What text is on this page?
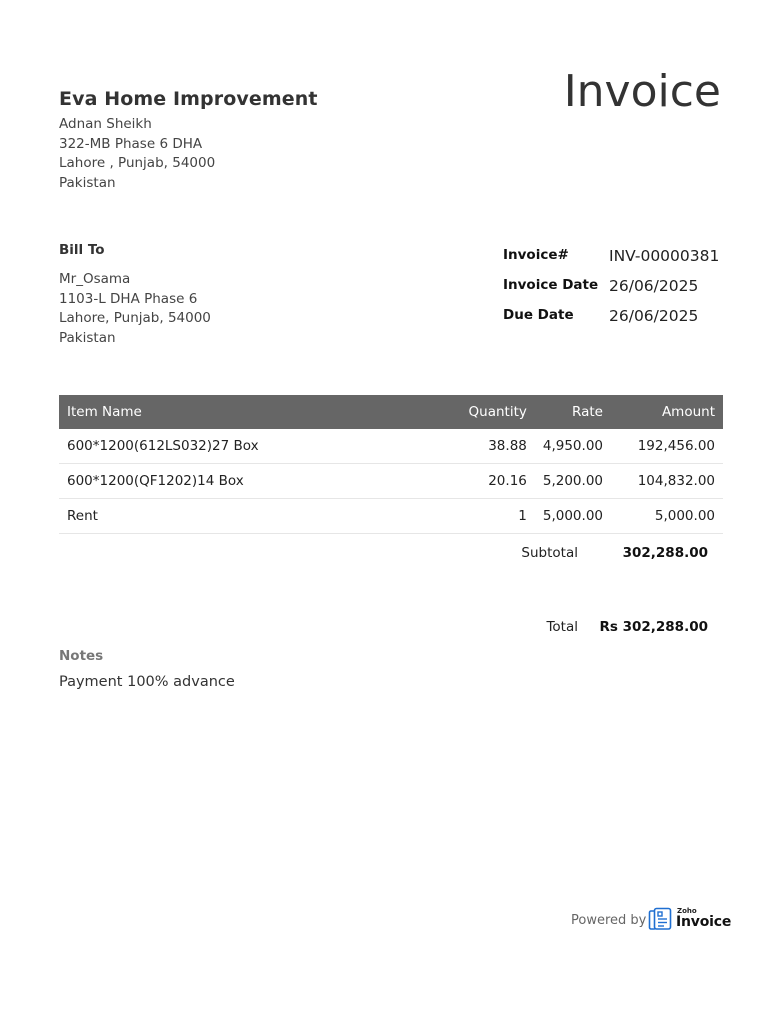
Eva Home Improvement
Adnan Sheikh
322-MB Phase 6 DHA
Lahore , Punjab, 54000
Pakistan
Invoice
Bill To
Mr_Osama
1103-L DHA Phase 6
Lahore, Punjab, 54000
Pakistan
Invoice#	INV-00000381
Invoice Date 26/06/2025
Due Date 26/06/2025
Item Name	Quantity	Rate	Amount
600*1200(612LS032)27 Box	38.88	4,950.00	192,456.00
600*1200(QF1202)14 Box	20.16	5,200.00	104,832.00
Rent	1	5,000.00	5,000.00
Subtotal	302,288.00
Total Rs 302,288.00
Notes
Payment 100% advance
Powered by
Zoho
Invoice
